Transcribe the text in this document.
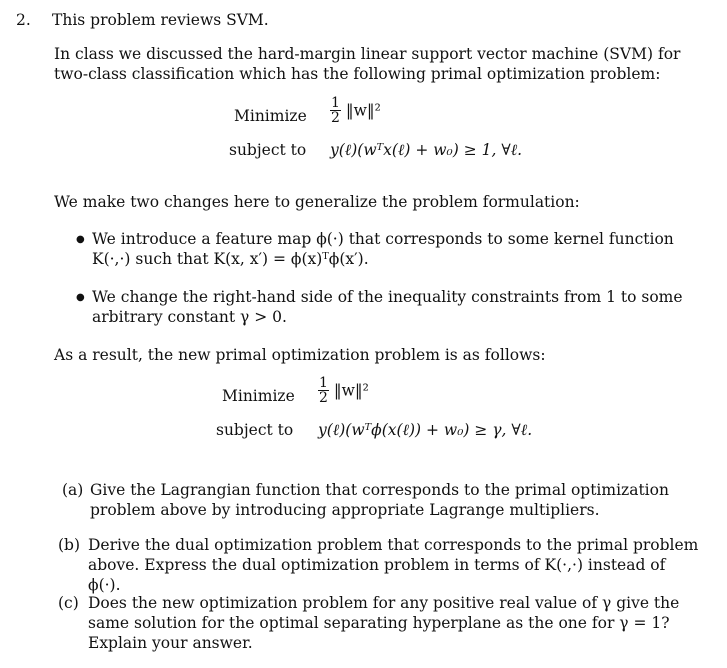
2. This problem reviews SVM.
In class we discussed the hard-margin linear support vector machine (SVM) for two-class classification which has the following primal optimization problem:
Minimize $\frac{1}{2}$ ‖w‖²
subject to y(ℓ)(wᵀx(ℓ) + w₀) ≥ 1, ∀ℓ.
We make two changes here to generalize the problem formulation:
● We introduce a feature map ϕ(·) that corresponds to some kernel function K(·,·) such that K(x, x′) = ϕ(x)ᵀϕ(x′).
● We change the right-hand side of the inequality constraints from 1 to some arbitrary constant γ > 0.
As a result, the new primal optimization problem is as follows:
Minimize $\frac{1}{2}$ ‖w‖²
subject to y(ℓ)(wᵀϕ(x(ℓ)) + w₀) ≥ γ, ∀ℓ.
(a) Give the Lagrangian function that corresponds to the primal optimization problem above by introducing appropriate Lagrange multipliers.
(b) Derive the dual optimization problem that corresponds to the primal problem above. Express the dual optimization problem in terms of K(·,·) instead of ϕ(·).
(c) Does the new optimization problem for any positive real value of γ give the same solution for the optimal separating hyperplane as the one for γ = 1? Explain your answer.
